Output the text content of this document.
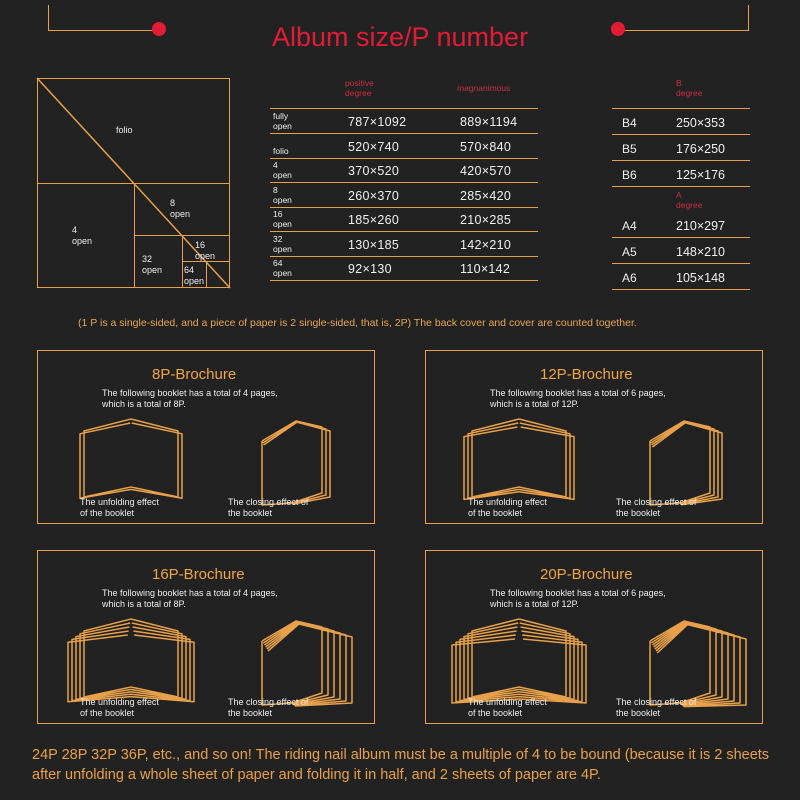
Album size/P number
folio
8
open
4
open	16
open
32
open 64
open
positive
degree	magnanimous
fully
open	787×1092	889×1194
folio	520×740	570×840
4
open	370×520	420×570
8
open	260×370	285×420
16
open	185×260	210×285
32
open	130×185	142×210
64
open	92×130	110×142
B
degree
B4	250×353
B5	176×250
B6	125×176
A
degree
A4	210×297
A5	148×210
A6	105×148
(1 P is a single-sided, and a piece of paper is 2 single-sided, that is, 2P) The back cover and cover are counted together.
8P-Brochure
The following booklet has a total of 4 pages,
which is a total of 8P.
The unfolding effect
of the booklet
The closing effect of
the booklet
12P-Brochure
The following booklet has a total of 6 pages,
which is a total of 12P.
The unfolding effect
of the booklet
The closing effect of
the booklet
16P-Brochure
The following booklet has a total of 4 pages,
which is a total of 8P.
The unfolding effect
of the booklet
The closing effect of
the booklet
20P-Brochure
The following booklet has a total of 6 pages,
which is a total of 12P.
The unfolding effect
of the booklet
The closing effect of
the booklet
24P 28P 32P 36P, etc., and so on! The riding nail album must be a multiple of 4 to be bound (because it is 2 sheets after unfolding a whole sheet of paper and folding it in half, and 2 sheets of paper are 4P.
